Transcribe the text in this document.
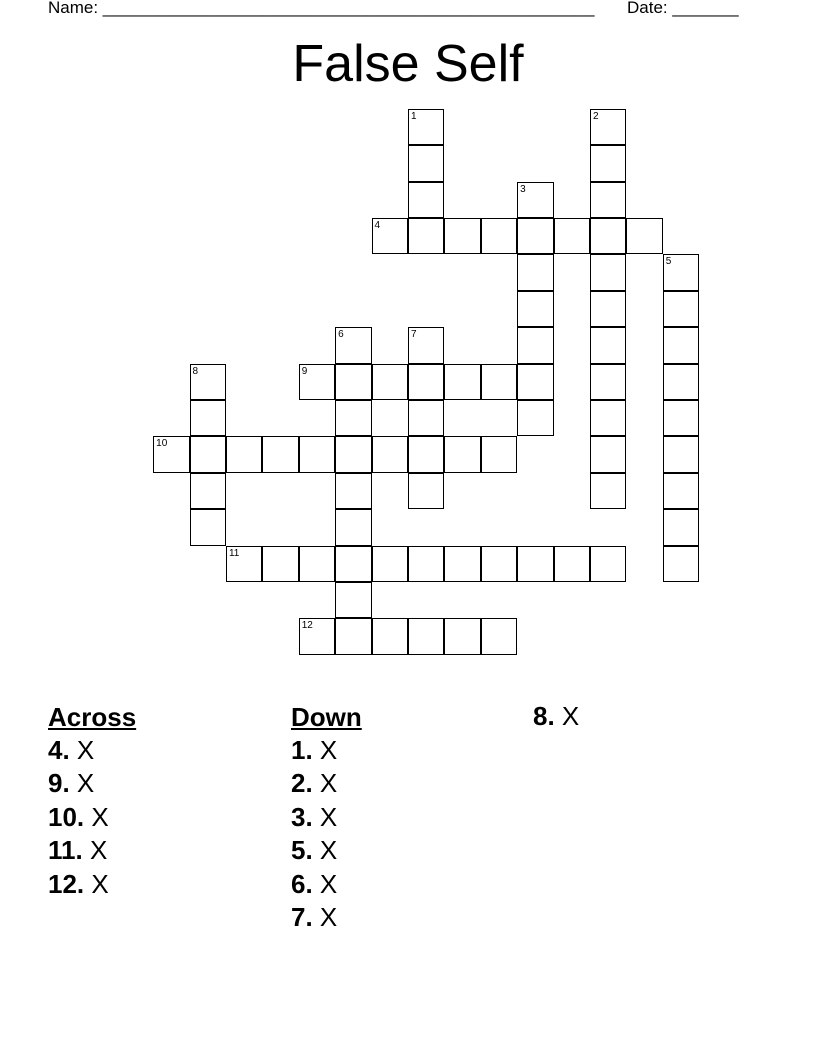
Name: ____________________________________________________ Date: _______
False Self
1	2
3
4
5
6	7
8	9
10
11
12
Across
4. X
9. X
10. X
11. X
12. X
Down
1. X
2. X
3. X
5. X
6. X
7. X
8. X
